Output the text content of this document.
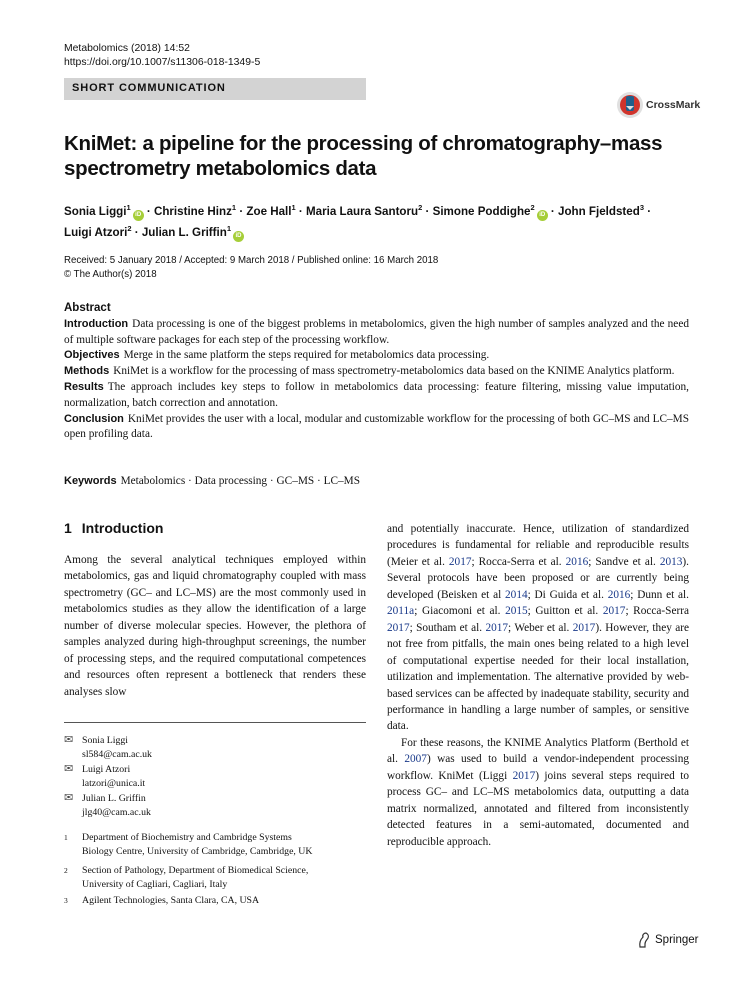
Metabolomics (2018) 14:52
https://doi.org/10.1007/s11306-018-1349-5
SHORT COMMUNICATION
CrossMark
KniMet: a pipeline for the processing of chromatography–mass
spectrometry metabolomics data
Sonia Liggi$^1$iD · Christine Hinz$^1$ · Zoe Hall$^1$ · Maria Laura Santoru$^2$ · Simone Poddighe$^2$iD · John Fjeldsted$^3$ ·
Luigi Atzori$^2$ · Julian L. Griffin$^1$iD
Received: 5 January 2018 / Accepted: 9 March 2018 / Published online: 16 March 2018
© The Author(s) 2018
Abstract
Introduction Data processing is one of the biggest problems in metabolomics, given the high number of samples analyzed and the need of multiple software packages for each step of the processing workflow.
Objectives Merge in the same platform the steps required for metabolomics data processing.
Methods KniMet is a workflow for the processing of mass spectrometry-metabolomics data based on the KNIME Analytics platform.
Results The approach includes key steps to follow in metabolomics data processing: feature filtering, missing value imputation, normalization, batch correction and annotation.
Conclusion KniMet provides the user with a local, modular and customizable workflow for the processing of both GC–MS and LC–MS open profiling data.
Keywords Metabolomics · Data processing · GC–MS · LC–MS
1 Introduction
Among the several analytical techniques employed within metabolomics, gas and liquid chromatography coupled with mass spectrometry (GC– and LC–MS) are the most commonly used in metabolomics studies as they allow the identification of a large number of diverse molecular species. However, the plethora of samples analyzed during high-throughput screenings, the number of processing steps, and the required computational competences and resources often represent a bottleneck that renders these analyses slow

and potentially inaccurate. Hence, utilization of standardized procedures is fundamental for reliable and reproducible results (Meier et al. 2017; Rocca-Serra et al. 2016; Sandve et al. 2013). Several protocols have been proposed or are currently being developed (Beisken et al 2014; Di Guida et al. 2016; Dunn et al. 2011a; Giacomoni et al. 2015; Guitton et al. 2017; Rocca-Serra 2017; Southam et al. 2017; Weber et al. 2017). However, they are not free from pitfalls, the main ones being related to a high level of computational expertise needed for their local installation, utilization and implementation. The alternative provided by web-based services can be affected by inadequate stability, security and performance in handling a large number of samples, or sensitive data.

For these reasons, the KNIME Analytics Platform (Berthold et al. 2007) was used to build a vendor-independent processing workflow. KniMet (Liggi 2017) joins several steps required to process GC– and LC–MS metabolomics data, outputting a data matrix normalized, annotated and filtered from inconsistently detected features in a semi-automated, documented and reproducible approach.

✉ Sonia Liggi
sl584@cam.ac.uk
✉ Luigi Atzori
latzori@unica.it
✉ Julian L. Griffin
jlg40@cam.ac.uk
1	Department of Biochemistry and Cambridge Systems
Biology Centre, University of Cambridge, Cambridge, UK
2	Section of Pathology, Department of Biomedical Science,
University of Cagliari, Cagliari, Italy
3	Agilent Technologies, Santa Clara, CA, USA
Springer
